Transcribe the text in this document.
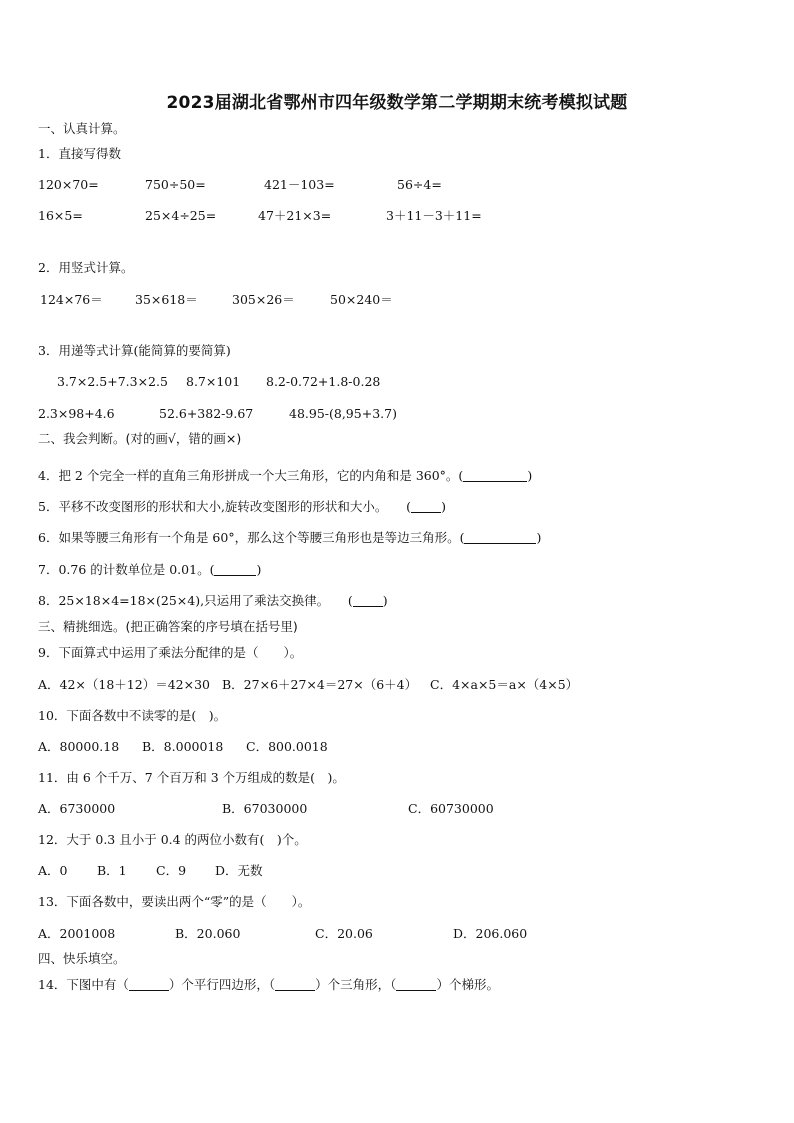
2023届湖北省鄂州市四年级数学第二学期期末统考模拟试题
一、认真计算。
1．直接写得数
120×70=	750÷50=	421－103=	56÷4=
16×5=	25×4÷25=	47＋21×3=	3＋11－3＋11=
2．用竖式计算。
124×76＝	35×618＝	305×26＝	50×240＝
3．用递等式计算(能简算的要简算)
3.7×2.5+7.3×2.5 8.7×101 8.2-0.72+1.8-0.28
2.3×98+4.6	52.6+382-9.67	48.95-(8,95+3.7)
二、我会判断。(对的画√，错的画×)
4．把 2 个完全一样的直角三角形拼成一个大三角形，它的内角和是 360°。(	)
5．平移不改变图形的形状和大小,旋转改变图形的形状和大小。　　( )
6．如果等腰三角形有一个角是 60°，那么这个等腰三角形也是等边三角形。(	)
7．0.76 的计数单位是 0.01。(	)
8．25×18×4=18×(25×4),只运用了乘法交换律。　　( )
三、精挑细选。(把正确答案的序号填在括号里)
9．下面算式中运用了乘法分配律的是（　　）。
A．42×（18＋12）＝42×30 B．27×6＋27×4＝27×（6＋4） C．4×a×5＝a×（4×5）
10．下面各数中不读零的是(　)。
A．80000.18 B．8.000018 C．800.0018
11．由 6 个千万、7 个百万和 3 个万组成的数是(　)。
A．6730000	B．67030000	C．60730000
12．大于 0.3 且小于 0.4 的两位小数有(　)个。
A．0 B．1 C．9 D．无数
13．下面各数中，要读出两个“零”的是（　　）。
A．2001008	B．20.060	C．20.06	D．206.060
四、快乐填空。
14．下图中有（	）个平行四边形，（	）个三角形，（	）个梯形。
